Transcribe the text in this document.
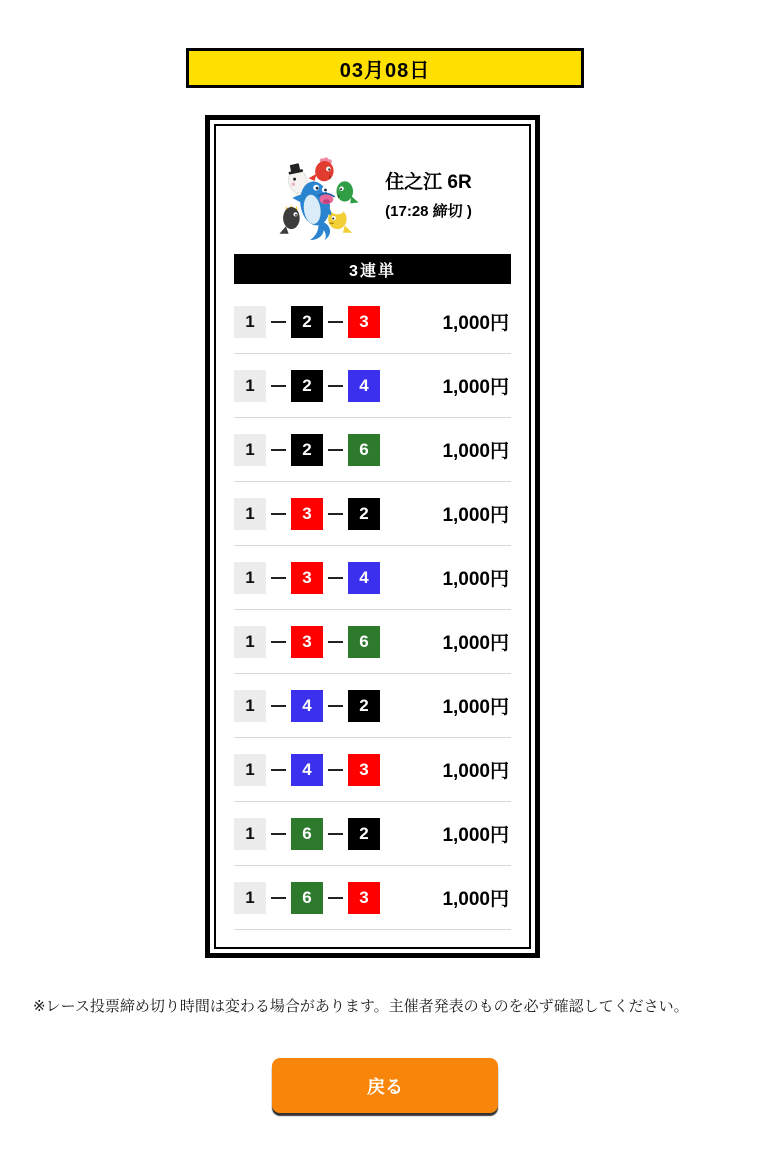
03月08日
住之江 6R
(17:28 締切 )
3連単
1	2	3	1,000円
1	2	4	1,000円
1	2	6	1,000円
1	3	2	1,000円
1	3	4	1,000円
1	3	6	1,000円
1	4	2	1,000円
1	4	3	1,000円
1	6	2	1,000円
1	6	3	1,000円

※レース投票締め切り時間は変わる場合があります。主催者発表のものを必ず確認してください。

戻る
